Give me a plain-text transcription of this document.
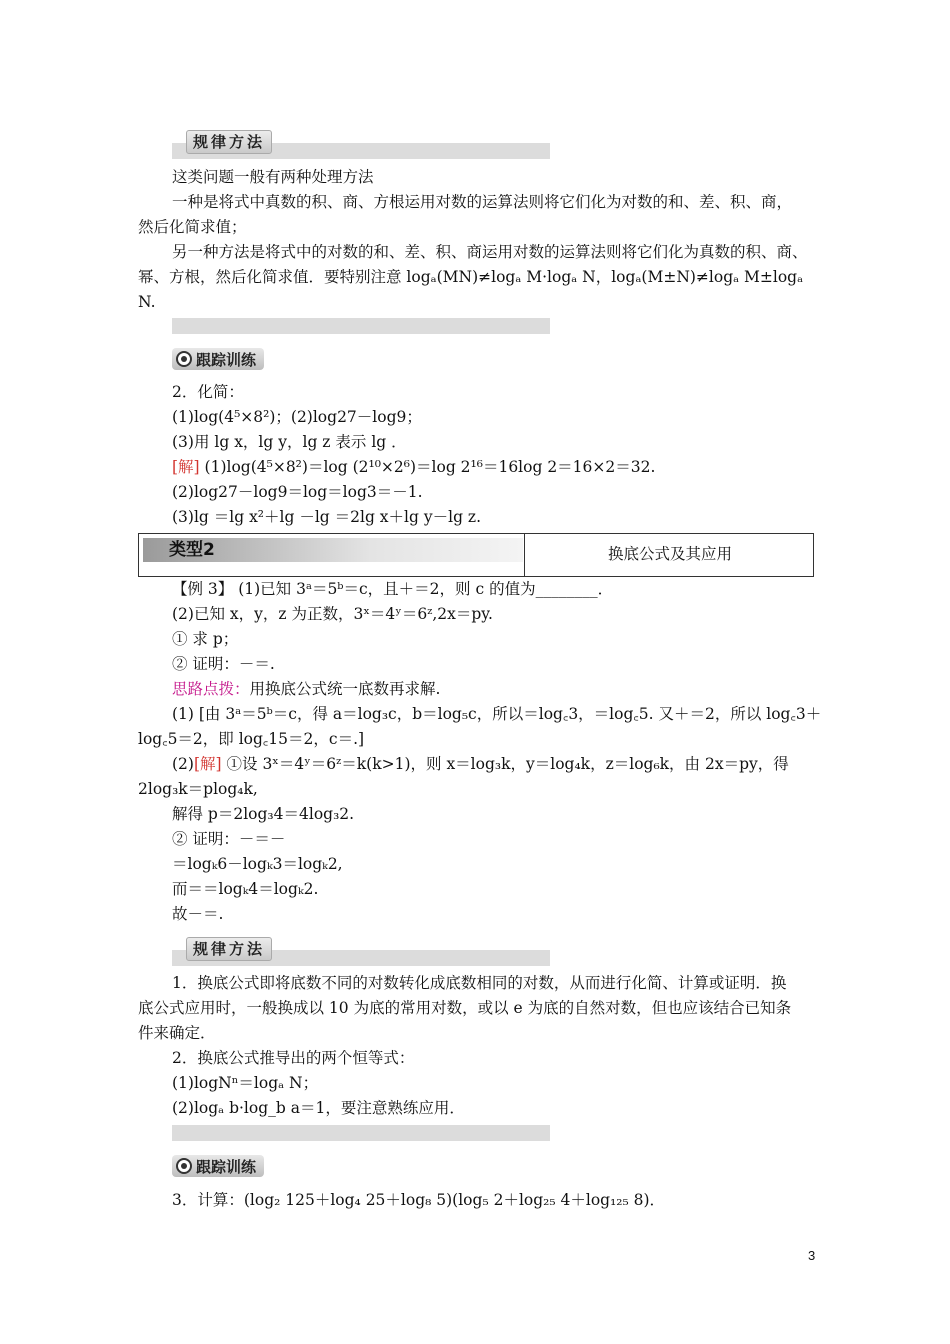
规律方法
这类问题一般有两种处理方法
一种是将式中真数的积、商、方根运用对数的运算法则将它们化为对数的和、差、积、商，
然后化简求值；
另一种方法是将式中的对数的和、差、积、商运用对数的运算法则将它们化为真数的积、商、
幂、方根，然后化简求值．要特别注意 logₐ(MN)≠logₐ M·logₐ N，logₐ(M±N)≠logₐ M±logₐ
N.
跟踪训练
2．化简：
(1)log(4⁵×8²)；(2)log27－log9；
(3)用 lg x，lg y，lg z 表示 lg ．
[解] (1)log(4⁵×8²)＝log (2¹⁰×2⁶)＝log 2¹⁶＝16log 2＝16×2＝32.
(2)log27－log9＝log＝log3＝－1.
(3)lg ＝lg x²＋lg －lg ＝2lg x＋lg y－lg z.
类型2	换底公式及其应用
【例 3】 (1)已知 3ᵃ＝5ᵇ＝c，且＋＝2，则 c 的值为________．
(2)已知 x，y，z 为正数，3ˣ＝4ʸ＝6ᶻ,2x＝py.
① 求 p；
② 证明：－＝.
思路点拨：用换底公式统一底数再求解.
(1) [由 3ᵃ＝5ᵇ＝c，得 a＝log₃c，b＝log₅c，所以＝log꜀3，＝log꜀5. 又＋＝2，所以 log꜀3＋
log꜀5＝2，即 log꜀15＝2，c＝.]
(2)[解] ①设 3ˣ＝4ʸ＝6ᶻ＝k(k>1)，则 x＝log₃k，y＝log₄k，z＝log₆k，由 2x＝py，得
2log₃k＝plog₄k,
解得 p＝2log₃4＝4log₃2.
② 证明：－＝－
＝logₖ6－logₖ3＝logₖ2,
而＝＝logₖ4＝logₖ2.
故－＝.
规律方法
1．换底公式即将底数不同的对数转化成底数相同的对数，从而进行化简、计算或证明．换
底公式应用时，一般换成以 10 为底的常用对数，或以 e 为底的自然对数，但也应该结合已知条
件来确定．
2．换底公式推导出的两个恒等式：
(1)logNⁿ＝logₐ N；
(2)logₐ b·log_b a＝1，要注意熟练应用．
跟踪训练
3．计算：(log₂ 125＋log₄ 25＋log₈ 5)(log₅ 2＋log₂₅ 4＋log₁₂₅ 8)．
3
